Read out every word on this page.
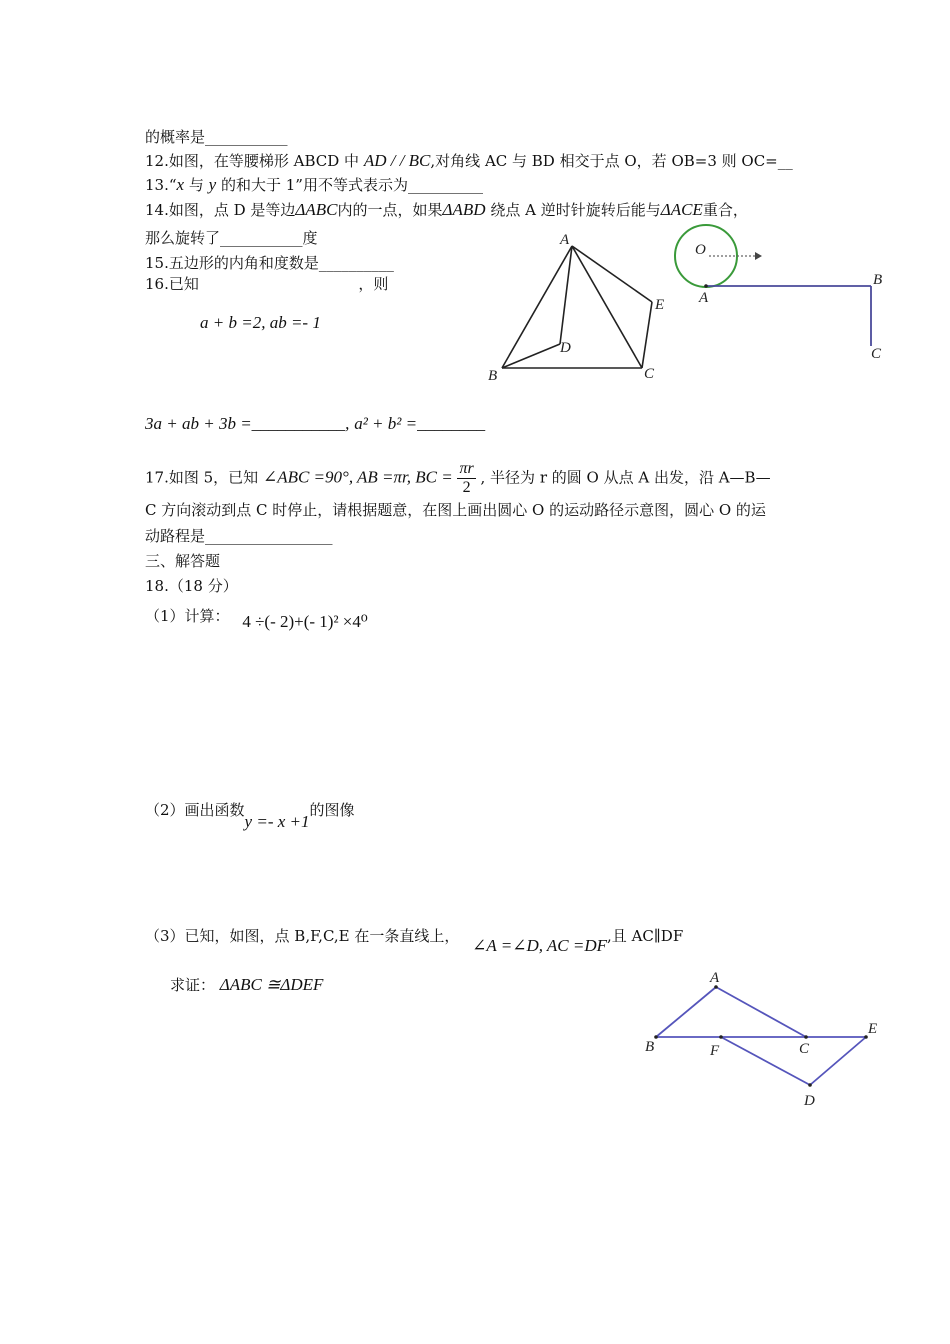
的概率是___________
12.如图，在等腰梯形 ABCD 中 AD / / BC,对角线 AC 与 BD 相交于点 O，若 OB=3 则 OC=__
13.“x 与 y 的和大于 1”用不等式表示为__________
14.如图，点 D 是等边ΔABC内的一点，如果ΔABD 绕点 A 逆时针旋转后能与ΔACE重合，
那么旋转了___________度
15.五边形的内角和度数是__________
16.已知	，则
a + b =2, ab =- 1
3a + ab + 3b =___________, a² + b² =________
17.如图 5，已知 ∠ABC =90°, AB =πr, BC = $\frac{\pi r}{2}$ , 半径为 r 的圆 O 从点 A 出发，沿 A—B—
C 方向滚动到点 C 时停止，请根据题意，在图上画出圆心 O 的运动路径示意图，圆心 O 的运
动路程是_________________
三、解答题
18.（18 分）
（1）计算： 4 ÷(- 2)+(- 1)² ×4⁰
（2）画出函数y =- x +1的图像
（3）已知，如图，点 B,F,C,E 在一条直线上， ∠A =∠D, AC =DF,且 AC∥DF
求证： ΔABC ≅ΔDEF
A
B	C
D
E
O
A
B
C
A
B	F	C
E
D
